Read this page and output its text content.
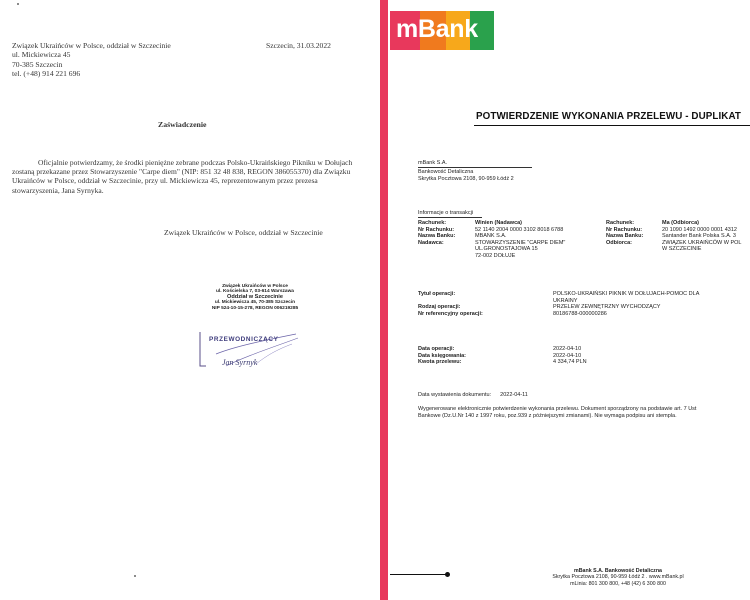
Związek Ukraińców w Polsce, oddział w Szczecinie
ul. Mickiewicza 45
70-385 Szczecin
tel. (+48) 914 221 696
Szczecin, 31.03.2022
Zaświadczenie
Oficjalnie potwierdzamy, że środki pieniężne zebrane podczas Polsko-Ukraińskiego Pikniku w Dołujach zostaną przekazane przez Stowarzyszenie "Carpe diem" (NIP: 851 32 48 838, REGON 386055370) dla Związku Ukraińców w Polsce, oddział w Szczecinie, przy ul. Mickiewicza 45, reprezentowanym przez prezesa stowarzyszenia, Jana Syrnyka.
Związek Ukraińców w Polsce, oddział w Szczecinie
Związek Ukraińców w Polsce
ul. Kościelska 7, 03-614 Warszawa
Oddział w Szczecinie
ul. Mickiewicza 45, 70-385 Szczecin
NIP 524-10-15-278, REGON 006219285
PRZEWODNICZĄCY
Jan Syrnyk
mBank
POTWIERDZENIE WYKONANIA PRZELEWU - DUPLIKAT
mBank S.A.
Bankowość Detaliczna
Skrytka Pocztowa 2108, 90-959 Łódź 2
Informacje o transakcji
Rachunek:
Nr Rachunku:
Nazwa Banku:
Nadawca:
Winien (Nadawca)
52 1140 2004 0000 3102 8018 6788
MBANK S.A.
STOWARZYSZENIE "CARPE DIEM"
UL.GRONOSTAJOWA 15
72-002 DOŁUJE
Rachunek:
Nr Rachunku:
Nazwa Banku:
Odbiorca:
Ma (Odbiorca)
20 1090 1492 0000 0001 4312
Santander Bank Polska S.A. 3
ZWIĄZEK UKRAIŃCÓW W POL
W SZCZECINIE
Tytuł operacji:
Rodzaj operacji:
Nr referencyjny operacji:
POLSKO-UKRAIŃSKI PIKNIK W DOŁUJACH-POMOC DLA
UKRAINY
PRZELEW ZEWNĘTRZNY WYCHODZĄCY
80186788-000000286
Data operacji:
Data księgowania:
Kwota przelewu:
2022-04-10
2022-04-10
4 334,74 PLN
Data wystawienia dokumentu: 2022-04-11
Wygenerowane elektronicznie potwierdzenie wykonania przelewu. Dokument sporządzony na podstawie art. 7 Ust
Bankowe (Dz.U.Nr 140 z 1997 roku, poz.939 z późniejszymi zmianami). Nie wymaga podpisu ani stempla.
mBank S.A. Bankowość Detaliczna
Skrytka Pocztowa 2108, 90-959 Łódź 2 . www.mBank.pl
mLinia: 801 300 800, +48 (42) 6 300 800
